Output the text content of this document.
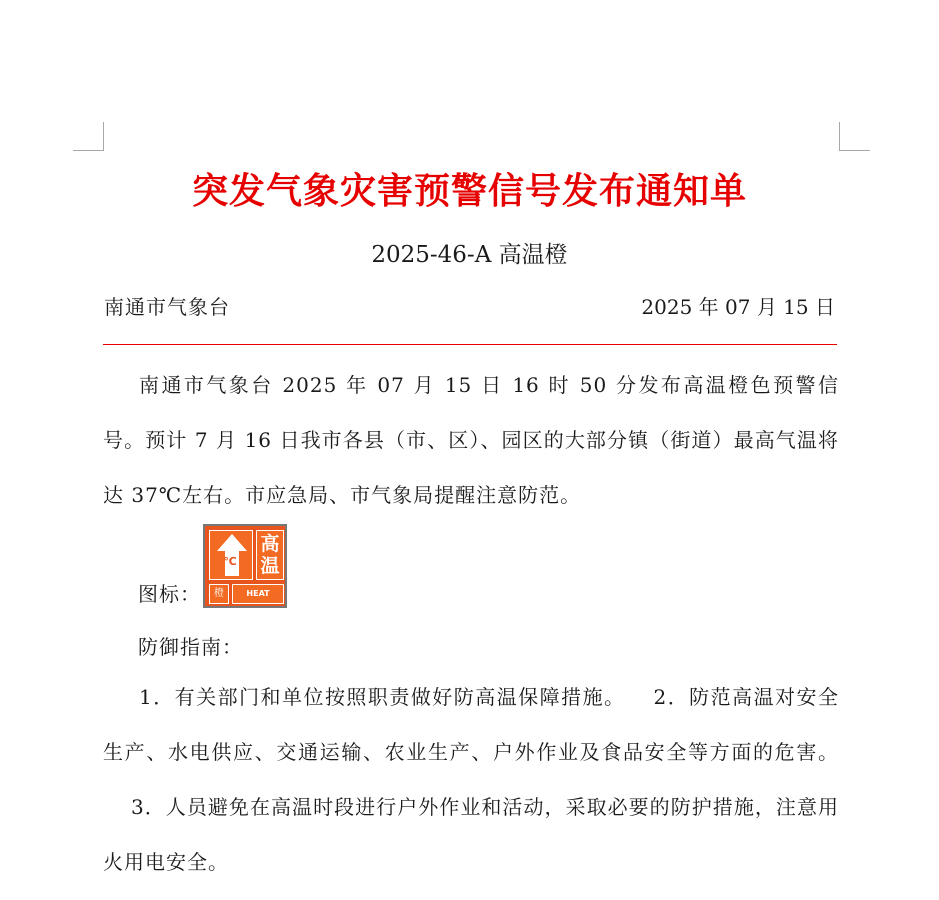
突发气象灾害预警信号发布通知单
2025-46-A 高温橙
南通市气象台	2025 年 07 月 15 日
南通市气象台 2025 年 07 月 15 日 16 时 50 分发布高温橙色预警信号。预计 7 月 16 日我市各县（市、区）、园区的大部分镇（街道）最高气温将达 37℃左右。市应急局、市气象局提醒注意防范。
图标：
℃
高温
橙	HEAT WAVE
防御指南：
1．有关部门和单位按照职责做好防高温保障措施。 2．防范高温对安全生产、水电供应、交通运输、农业生产、户外作业及食品安全等方面的危害。3．人员避免在高温时段进行户外作业和活动，采取必要的防护措施，注意用火用电安全。
